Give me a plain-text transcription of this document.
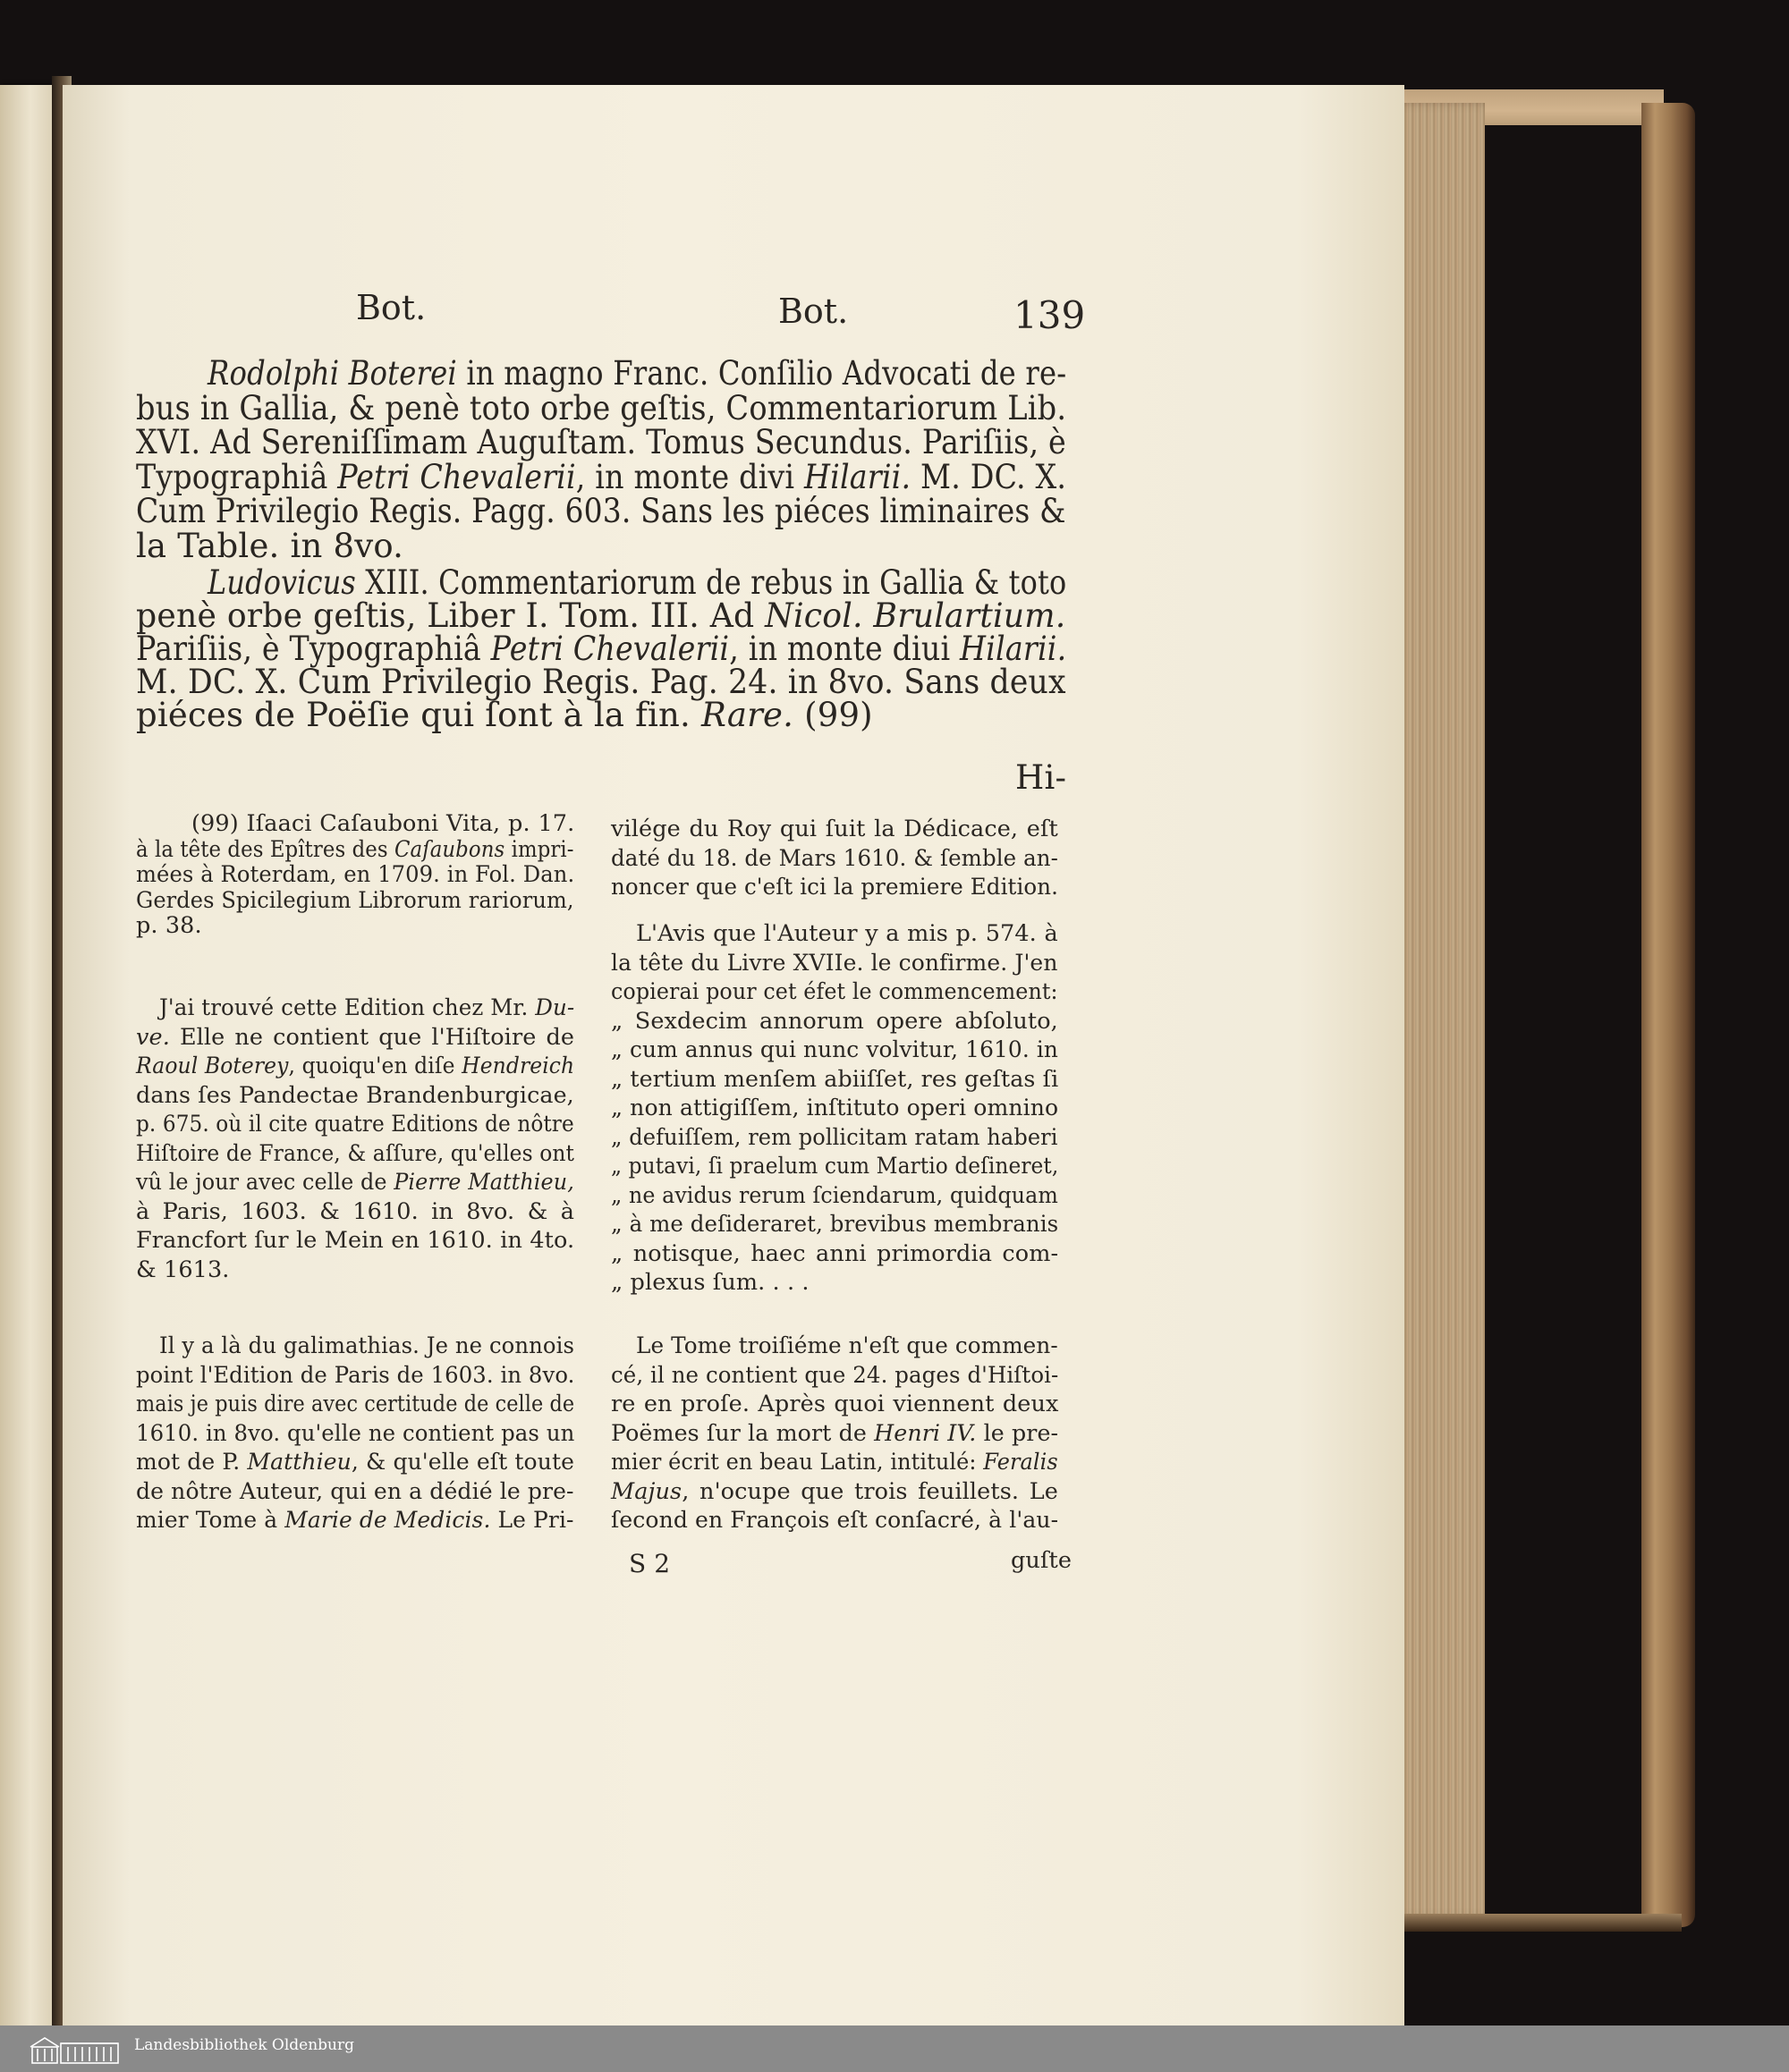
Bot.	Bot.	139
Rodolphi Boterei in magno Franc. Conſilio Advocati de re-
bus in Gallia, & penè toto orbe geſtis, Commentariorum Lib.
XVI. Ad Sereniſſimam Auguſtam. Tomus Secundus. Pariſiis, è
Typographiâ Petri Chevalerii, in monte divi Hilarii. M. DC. X.
Cum Privilegio Regis. Pagg. 603. Sans les piéces liminaires &
la Table. in 8vo.
Ludovicus XIII. Commentariorum de rebus in Gallia & toto
penè orbe geſtis, Liber I. Tom. III. Ad Nicol. Brulartium.
Pariſiis, è Typographiâ Petri Chevalerii, in monte diui Hilarii.
M. DC. X. Cum Privilegio Regis. Pag. 24. in 8vo. Sans deux
piéces de Poëſie qui ſont à la fin. Rare. (99)
Hi-
(99) Iſaaci Caſauboni Vita, p. 17.
à la tête des Epîtres des Caſaubons impri-
mées à Roterdam, en 1709. in Fol. Dan.
Gerdes Spicilegium Librorum rariorum,
p. 38.
J'ai trouvé cette Edition chez Mr. Du-
ve. Elle ne contient que l'Hiſtoire de
Raoul Boterey, quoiqu'en diſe Hendreich
dans ſes Pandectae Brandenburgicae,
p. 675. où il cite quatre Editions de nôtre
Hiſtoire de France, & aſſure, qu'elles ont
vû le jour avec celle de Pierre Matthieu,
à Paris, 1603. & 1610. in 8vo. & à
Francfort ſur le Mein en 1610. in 4to.
& 1613.
Il y a là du galimathias. Je ne connois
point l'Edition de Paris de 1603. in 8vo.
mais je puis dire avec certitude de celle de
1610. in 8vo. qu'elle ne contient pas un
mot de P. Matthieu, & qu'elle eſt toute
de nôtre Auteur, qui en a dédié le pre-
mier Tome à Marie de Medicis. Le Pri-
vilége du Roy qui ſuit la Dédicace, eſt
daté du 18. de Mars 1610. & ſemble an-
noncer que c'eſt ici la premiere Edition.
L'Avis que l'Auteur y a mis p. 574. à
la tête du Livre XVIIe. le confirme. J'en
copierai pour cet éfet le commencement:
„ Sexdecim annorum opere abſoluto,
„ cum annus qui nunc volvitur, 1610. in
„ tertium menſem abiiſſet, res geſtas ſi
„ non attigiſſem, inſtituto operi omnino
„ defuiſſem, rem pollicitam ratam haberi
„ putavi, ſi praelum cum Martio deſineret,
„ ne avidus rerum ſciendarum, quidquam
„ à me deſideraret, brevibus membranis
„ notisque, haec anni primordia com-
„ plexus ſum. . . .
Le Tome troiſiéme n'eſt que commen-
cé, il ne contient que 24. pages d'Hiſtoi-
re en proſe. Après quoi viennent deux
Poëmes ſur la mort de Henri IV. le pre-
mier écrit en beau Latin, intitulé: Feralis
Majus, n'ocupe que trois feuillets. Le
ſecond en François eſt conſacré, à l'au-
S 2	guſte
Landesbibliothek Oldenburg
